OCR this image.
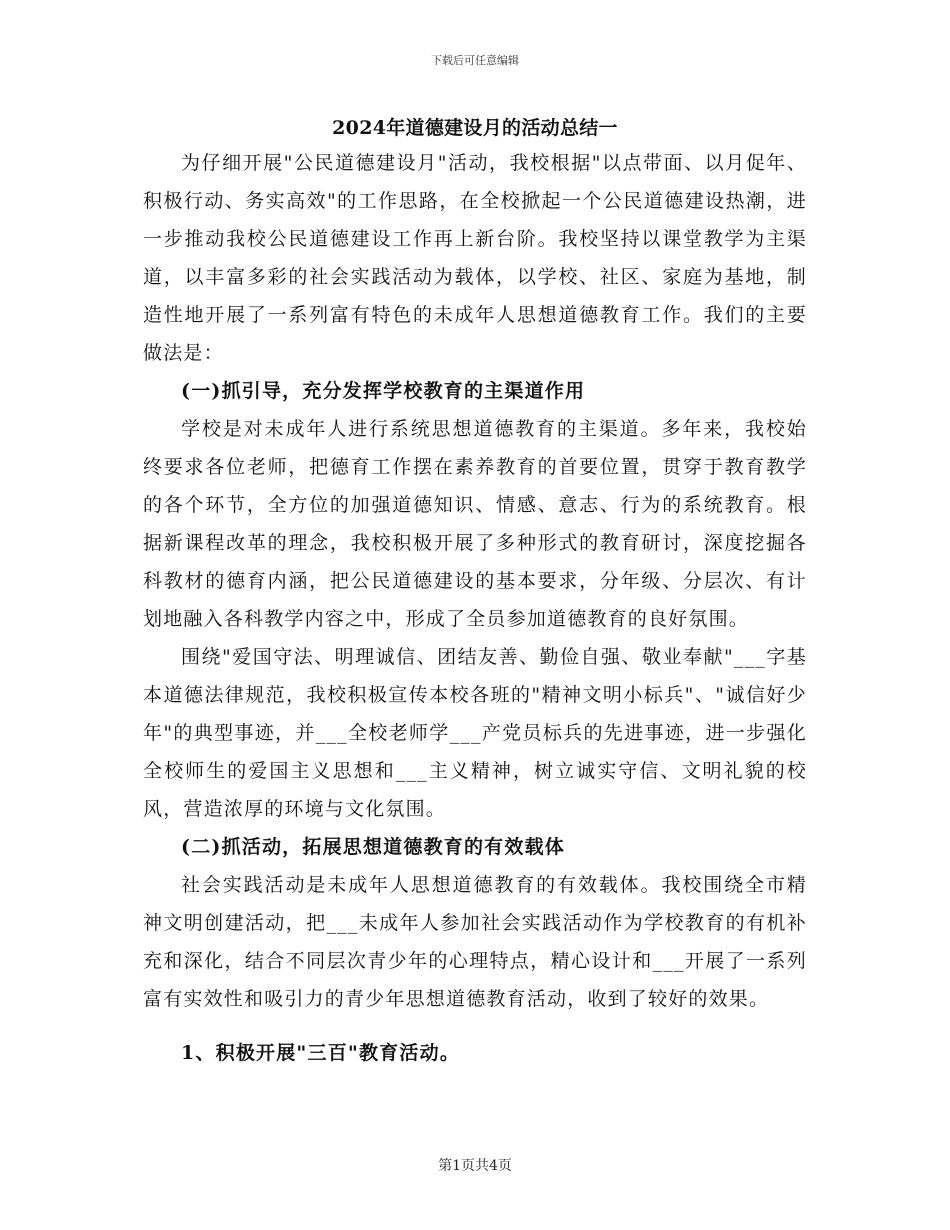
下载后可任意编辑
2024年道德建设月的活动总结一

为仔细开展"公民道德建设月"活动，我校根据"以点带面、以月促年、积极行动、务实高效"的工作思路，在全校掀起一个公民道德建设热潮，进一步推动我校公民道德建设工作再上新台阶。我校坚持以课堂教学为主渠道，以丰富多彩的社会实践活动为载体，以学校、社区、家庭为基地，制造性地开展了一系列富有特色的未成年人思想道德教育工作。我们的主要做法是：

(一)抓引导，充分发挥学校教育的主渠道作用

学校是对未成年人进行系统思想道德教育的主渠道。多年来，我校始终要求各位老师，把德育工作摆在素养教育的首要位置，贯穿于教育教学的各个环节，全方位的加强道德知识、情感、意志、行为的系统教育。根据新课程改革的理念，我校积极开展了多种形式的教育研讨，深度挖掘各科教材的德育内涵，把公民道德建设的基本要求，分年级、分层次、有计划地融入各科教学内容之中，形成了全员参加道德教育的良好氛围。

围绕"爱国守法、明理诚信、团结友善、勤俭自强、敬业奉献"___字基本道德法律规范，我校积极宣传本校各班的"精神文明小标兵"、"诚信好少年"的典型事迹，并___全校老师学___产党员标兵的先进事迹，进一步强化全校师生的爱国主义思想和___主义精神，树立诚实守信、文明礼貌的校风，营造浓厚的环境与文化氛围。

(二)抓活动，拓展思想道德教育的有效载体

社会实践活动是未成年人思想道德教育的有效载体。我校围绕全市精神文明创建活动，把___未成年人参加社会实践活动作为学校教育的有机补充和深化，结合不同层次青少年的心理特点，精心设计和___开展了一系列富有实效性和吸引力的青少年思想道德教育活动，收到了较好的效果。

1、积极开展"三百"教育活动。

第1页共4页
